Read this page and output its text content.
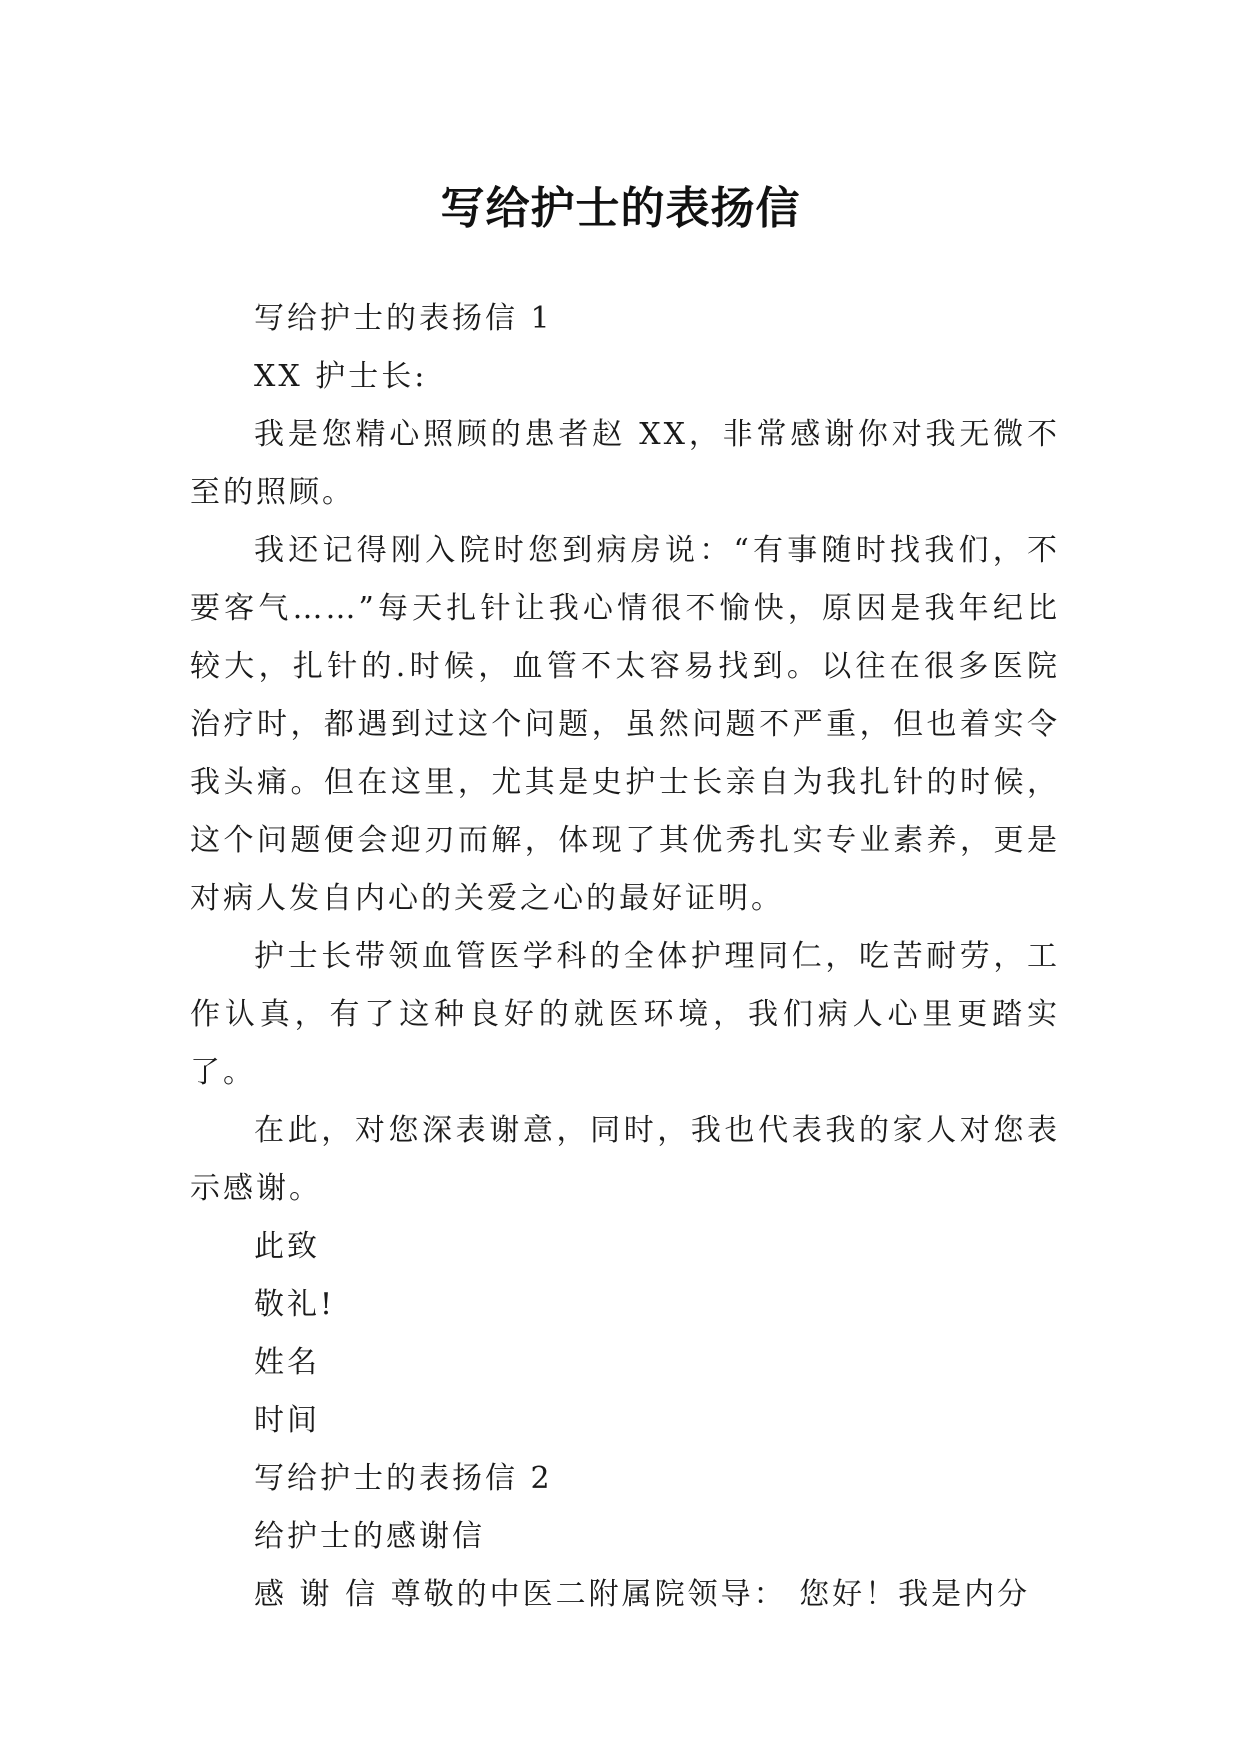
写给护士的表扬信

写给护士的表扬信 1

XX 护士长:

我是您精心照顾的患者赵 XX，非常感谢你对我无微不至的照顾。

我还记得刚入院时您到病房说：“有事随时找我们，不要客气……”每天扎针让我心情很不愉快，原因是我年纪比较大，扎针的.时候，血管不太容易找到。以往在很多医院治疗时，都遇到过这个问题，虽然问题不严重，但也着实令我头痛。但在这里，尤其是史护士长亲自为我扎针的时候，这个问题便会迎刃而解，体现了其优秀扎实专业素养，更是对病人发自内心的关爱之心的最好证明。

护士长带领血管医学科的全体护理同仁，吃苦耐劳，工作认真，有了这种良好的就医环境，我们病人心里更踏实了。

在此，对您深表谢意，同时，我也代表我的家人对您表示感谢。

此致

敬礼!

姓名

时间

写给护士的表扬信 2

给护士的感谢信

感 谢 信 尊敬的中医二附属院领导： 您好！我是内分
